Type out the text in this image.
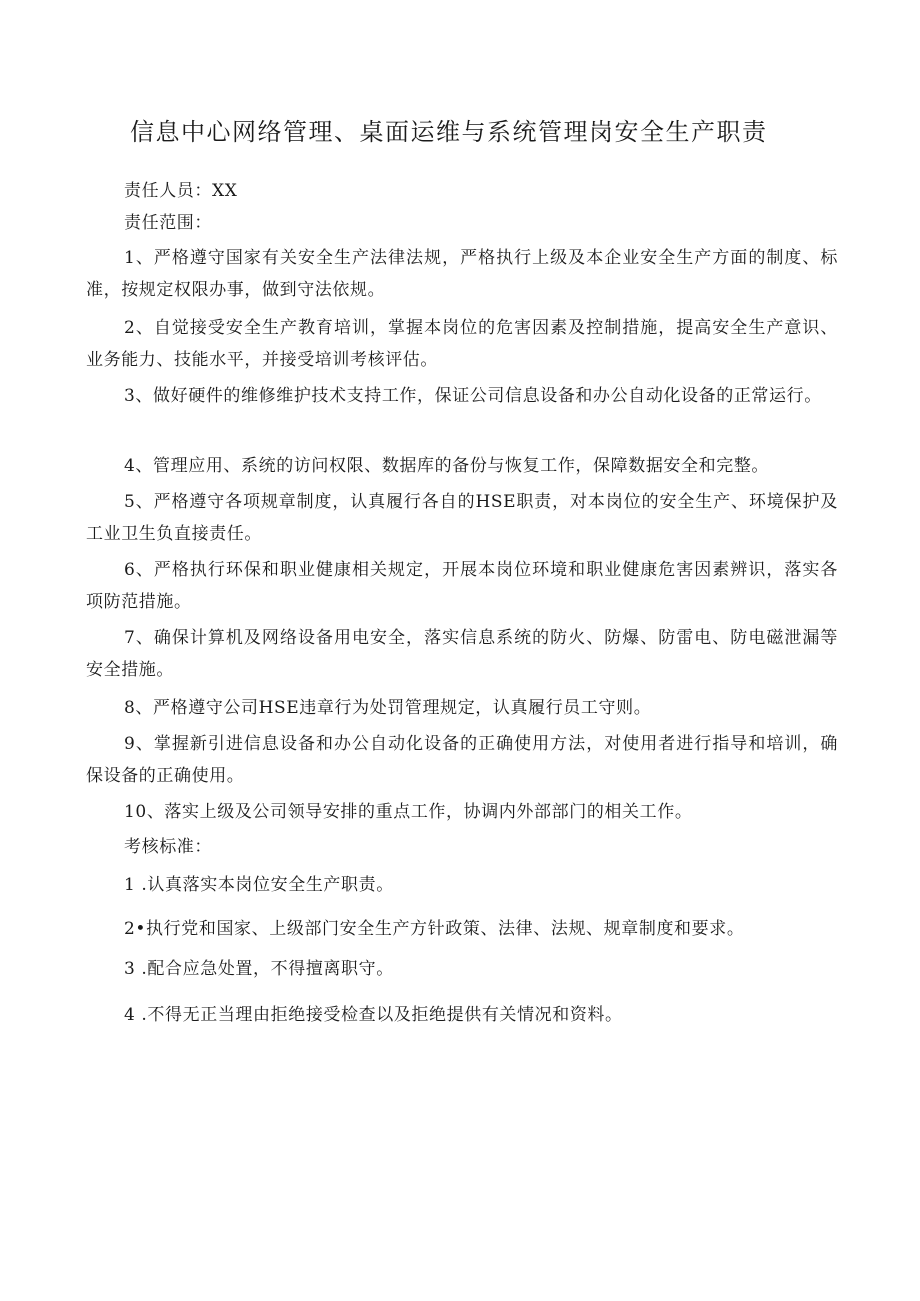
信息中心网络管理、桌面运维与系统管理岗安全生产职责
责任人员：XX
责任范围：
1、严格遵守国家有关安全生产法律法规，严格执行上级及本企业安全生产方面的制度、标准，按规定权限办事，做到守法依规。
2、自觉接受安全生产教育培训，掌握本岗位的危害因素及控制措施，提高安全生产意识、业务能力、技能水平，并接受培训考核评估。
3、做好硬件的维修维护技术支持工作，保证公司信息设备和办公自动化设备的正常运行。
4、管理应用、系统的访问权限、数据库的备份与恢复工作，保障数据安全和完整。
5、严格遵守各项规章制度，认真履行各自的HSE职责，对本岗位的安全生产、环境保护及工业卫生负直接责任。
6、严格执行环保和职业健康相关规定，开展本岗位环境和职业健康危害因素辨识，落实各项防范措施。
7、确保计算机及网络设备用电安全，落实信息系统的防火、防爆、防雷电、防电磁泄漏等安全措施。
8、严格遵守公司HSE违章行为处罚管理规定，认真履行员工守则。
9、掌握新引进信息设备和办公自动化设备的正确使用方法，对使用者进行指导和培训，确保设备的正确使用。
10、落实上级及公司领导安排的重点工作，协调内外部部门的相关工作。
考核标准：
1 .认真落实本岗位安全生产职责。
2•执行党和国家、上级部门安全生产方针政策、法律、法规、规章制度和要求。
3 .配合应急处置，不得擅离职守。
4 .不得无正当理由拒绝接受检查以及拒绝提供有关情况和资料。
